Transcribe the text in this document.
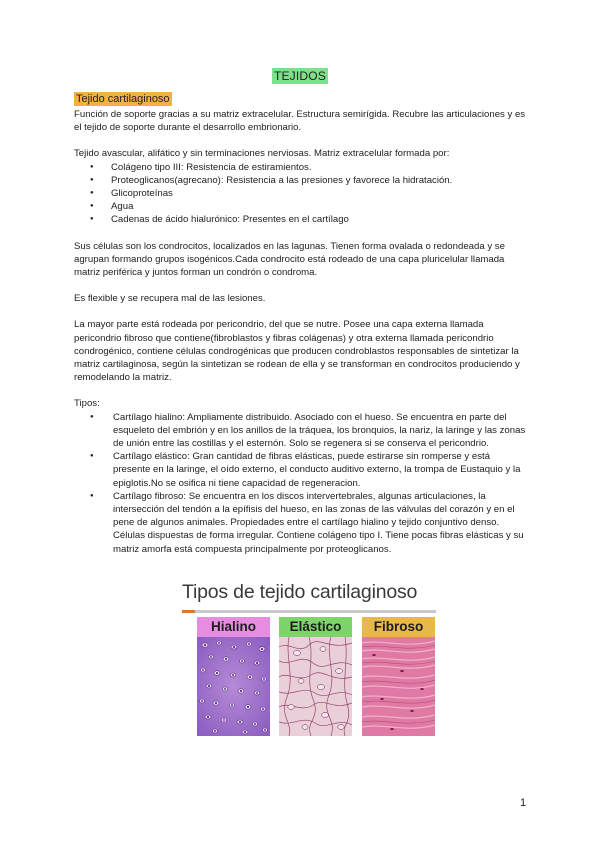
TEJIDOS
Tejido cartilaginoso

Función de soporte gracias a su matriz extracelular. Estructura semirígida. Recubre las articulaciones y es el tejido de soporte durante el desarrollo embrionario.

Tejido avascular, alifático y sin terminaciones nerviosas. Matriz extracelular formada por:

● Colágeno tipo III: Resistencia de estiramientos.
● Proteoglicanos(agrecano): Resistencia a las presiones y favorece la hidratación.
● Glicoproteínas
● Agua
● Cadenas de ácido hialurónico: Presentes en el cartílago

Sus células son los condrocitos, localizados en las lagunas. Tienen forma ovalada o redondeada y se agrupan formando grupos isogénicos.Cada condrocito está rodeado de una capa pluricelular llamada matriz periférica y juntos forman un condrón o condroma.

Es flexible y se recupera mal de las lesiones.

La mayor parte está rodeada por pericondrio, del que se nutre. Posee una capa externa llamada pericondrio fibroso que contiene(fibroblastos y fibras colágenas) y otra externa llamada pericondrio condrogénico, contiene células condrogénicas que producen condroblastos responsables de sintetizar la matriz cartilaginosa, según la sintetizan se rodean de ella y se transforman en condrocitos produciendo y remodelando la matriz.

Tipos:

● Cartílago hialino: Ampliamente distribuido. Asociado con el hueso. Se encuentra en parte del esqueleto del embrión y en los anillos de la tráquea, los bronquios, la nariz, la laringe y las zonas de unión entre las costillas y el esternón. Solo se regenera si se conserva el pericondrio.
● Cartílago elástico: Gran cantidad de fibras elásticas, puede estirarse sin romperse y está presente en la laringe, el oído externo, el conducto auditivo externo, la trompa de Eustaquio y la epiglotis.No se osifica ni tiene capacidad de regeneracion.
● Cartílago fibroso: Se encuentra en los discos intervertebrales, algunas articulaciones, la intersección del tendón a la epífisis del hueso, en las zonas de las válvulas del corazón y en el pene de algunos animales. Propiedades entre el cartílago hialino y tejido conjuntivo denso. Células dispuestas de forma irregular. Contiene colágeno tipo I. Tiene pocas fibras elásticas y su matriz amorfa está compuesta principalmente por proteoglicanos.
Tipos de tejido cartilaginoso
Hialino	Elástico	Fibroso
1
